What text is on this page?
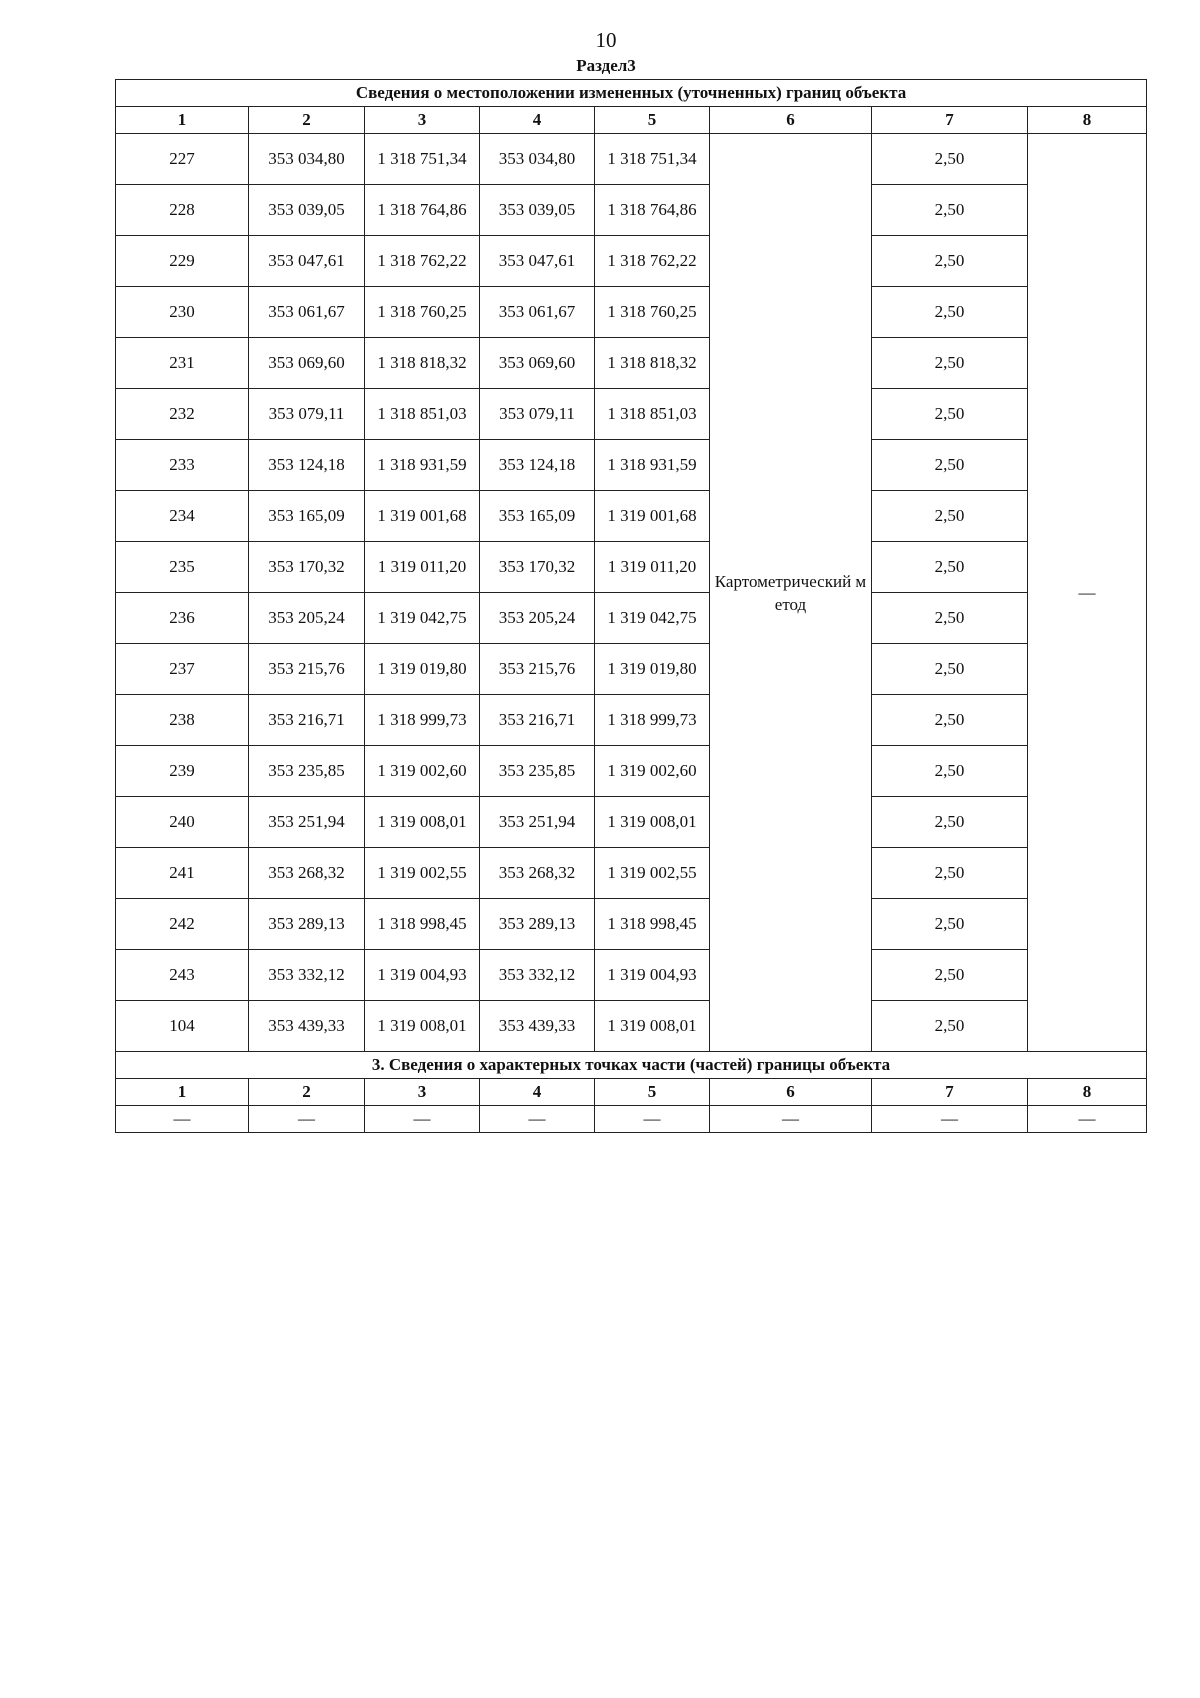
10
Раздел3
Сведения о местоположении измененных (уточненных) границ объекта							
1	2	3	4	5	6	7	8
227	353 034,80	1 318 751,34	353 034,80	1 318 751,34	Картометрический метод	2,50	—
228	353 039,05	1 318 764,86	353 039,05	1 318 764,86		2,50	
229	353 047,61	1 318 762,22	353 047,61	1 318 762,22		2,50	
230	353 061,67	1 318 760,25	353 061,67	1 318 760,25		2,50	
231	353 069,60	1 318 818,32	353 069,60	1 318 818,32		2,50	
232	353 079,11	1 318 851,03	353 079,11	1 318 851,03		2,50	
233	353 124,18	1 318 931,59	353 124,18	1 318 931,59		2,50	
234	353 165,09	1 319 001,68	353 165,09	1 319 001,68		2,50	
235	353 170,32	1 319 011,20	353 170,32	1 319 011,20		2,50	
236	353 205,24	1 319 042,75	353 205,24	1 319 042,75		2,50	
237	353 215,76	1 319 019,80	353 215,76	1 319 019,80		2,50	
238	353 216,71	1 318 999,73	353 216,71	1 318 999,73		2,50	
239	353 235,85	1 319 002,60	353 235,85	1 319 002,60		2,50	
240	353 251,94	1 319 008,01	353 251,94	1 319 008,01		2,50	
241	353 268,32	1 319 002,55	353 268,32	1 319 002,55		2,50	
242	353 289,13	1 318 998,45	353 289,13	1 318 998,45		2,50	
243	353 332,12	1 319 004,93	353 332,12	1 319 004,93		2,50	
104	353 439,33	1 319 008,01	353 439,33	1 319 008,01		2,50	
3. Сведения о характерных точках части (частей) границы объекта							
1	2	3	4	5	6	7	8
—	—	—	—	—	—	—	—
